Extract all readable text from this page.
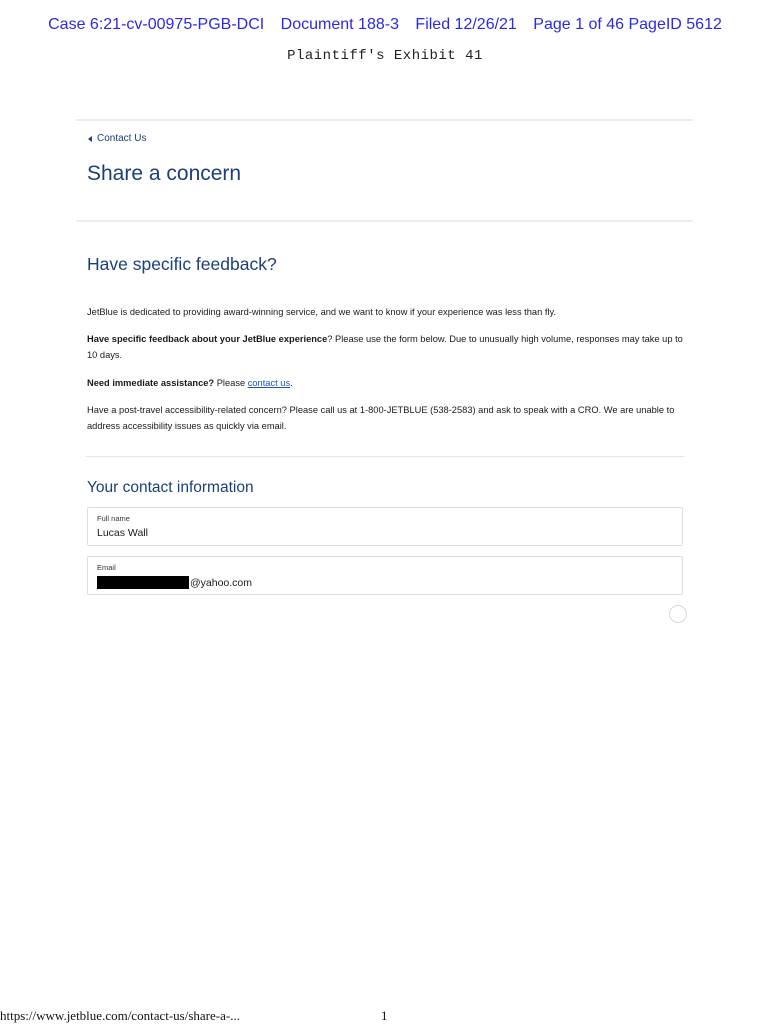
Case 6:21-cv-00975-PGB-DCI Document 188-3 Filed 12/26/21 Page 1 of 46 PageID 5612
Plaintiff's Exhibit 41
Contact Us
Share a concern
Have specific feedback?

JetBlue is dedicated to providing award-winning service, and we want to know if your experience was less than fly.

Have specific feedback about your JetBlue experience? Please use the form below. Due to unusually high volume, responses may take up to 10 days.

Need immediate assistance? Please contact us.

Have a post-travel accessibility-related concern? Please call us at 1-800-JETBLUE (538-2583) and ask to speak with a CRO. We are unable to address accessibility issues as quickly via email.

Your contact information
Full name
Lucas Wall
Email
@yahoo.com
https://www.jetblue.com/contact-us/share-a-...	1
